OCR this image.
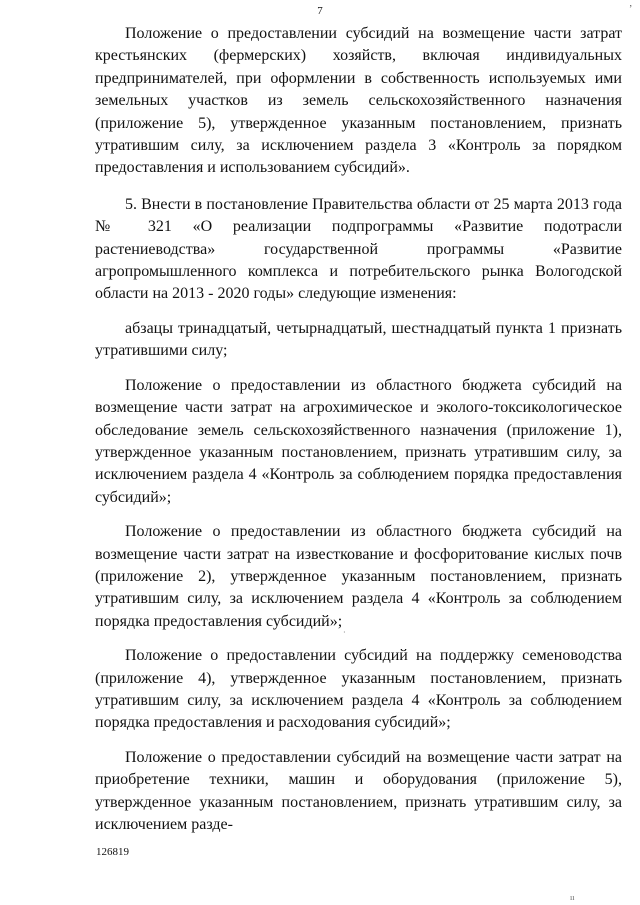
7
,

Положение о предоставлении субсидий на возмещение части затрат крестьянских (фермерских) хозяйств, включая индивидуальных предпринимателей, при оформлении в собственность используемых ими земельных участков из земель сельскохозяйственного назначения (приложение 5), утвержденное указанным постановлением, признать утратившим силу, за исключением раздела 3 «Контроль за порядком предоставления и использованием субсидий».

5. Внести в постановление Правительства области от 25 марта 2013 года № 321 «О реализации подпрограммы «Развитие подотрасли растениеводства» государственной программы «Развитие агропромышленного комплекса и потребительского рынка Вологодской области на 2013 - 2020 годы» следующие изменения:

абзацы тринадцатый, четырнадцатый, шестнадцатый пункта 1 признать утратившими силу;

Положение о предоставлении из областного бюджета субсидий на возмещение части затрат на агрохимическое и эколого-токсикологическое обследование земель сельскохозяйственного назначения (приложение 1), утвержденное указанным постановлением, признать утратившим силу, за исключением раздела 4 «Контроль за соблюдением порядка предоставления субсидий»;

Положение о предоставлении из областного бюджета субсидий на возмещение части затрат на известкование и фосфоритование кислых почв (приложение 2), утвержденное указанным постановлением, признать утратившим силу, за исключением раздела 4 «Контроль за соблюдением порядка предоставления субсидий»;

Положение о предоставлении субсидий на поддержку семеноводства (приложение 4), утвержденное указанным постановлением, признать утратившим силу, за исключением раздела 4 «Контроль за соблюдением порядка предоставления и расходования субсидий»;

Положение о предоставлении субсидий на возмещение части затрат на приобретение техники, машин и оборудования (приложение 5), утвержденное указанным постановлением, признать утратившим силу, за исключением разде-

126819
·
ıı
